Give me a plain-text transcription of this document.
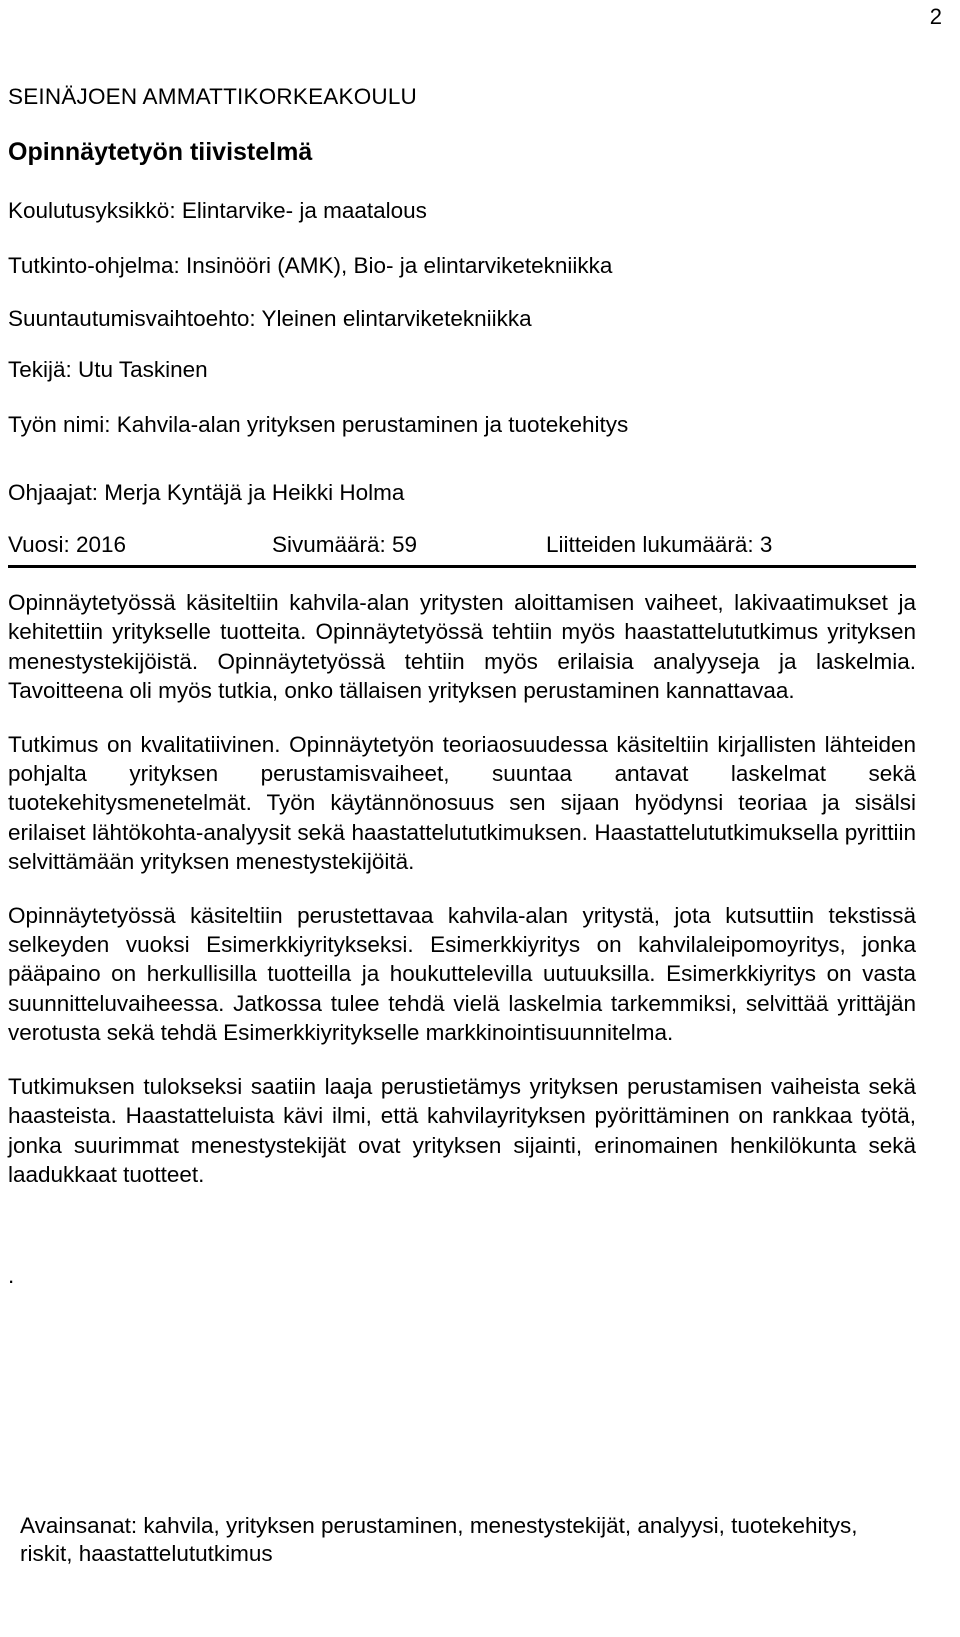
2
SEINÄJOEN AMMATTIKORKEAKOULU
Opinnäytetyön tiivistelmä
Koulutusyksikkö: Elintarvike- ja maatalous
Tutkinto-ohjelma: Insinööri (AMK), Bio- ja elintarviketekniikka
Suuntautumisvaihtoehto: Yleinen elintarviketekniikka
Tekijä: Utu Taskinen
Työn nimi: Kahvila-alan yrityksen perustaminen ja tuotekehitys
Ohjaajat: Merja Kyntäjä ja Heikki Holma
Vuosi: 2016	Sivumäärä: 59	Liitteiden lukumäärä: 3

Opinnäytetyössä käsiteltiin kahvila-alan yritysten aloittamisen vaiheet, lakivaatimukset ja kehitettiin yritykselle tuotteita. Opinnäytetyössä tehtiin myös haastattelututkimus yrityksen menestystekijöistä. Opinnäytetyössä tehtiin myös erilaisia analyyseja ja laskelmia. Tavoitteena oli myös tutkia, onko tällaisen yrityksen perustaminen kannattavaa.

Tutkimus on kvalitatiivinen. Opinnäytetyön teoriaosuudessa käsiteltiin kirjallisten lähteiden pohjalta yrityksen perustamisvaiheet, suuntaa antavat laskelmat sekä tuotekehitysmenetelmät. Työn käytännönosuus sen sijaan hyödynsi teoriaa ja sisälsi erilaiset lähtökohta-analyysit sekä haastattelututkimuksen. Haastattelututkimuksella pyrittiin selvittämään yrityksen menestystekijöitä.

Opinnäytetyössä käsiteltiin perustettavaa kahvila-alan yritystä, jota kutsuttiin tekstissä selkeyden vuoksi Esimerkkiyritykseksi. Esimerkkiyritys on kahvilaleipomoyritys, jonka pääpaino on herkullisilla tuotteilla ja houkuttelevilla uutuuksilla. Esimerkkiyritys on vasta suunnitteluvaiheessa. Jatkossa tulee tehdä vielä laskelmia tarkemmiksi, selvittää yrittäjän verotusta sekä tehdä Esimerkkiyritykselle markkinointisuunnitelma.

Tutkimuksen tulokseksi saatiin laaja perustietämys yrityksen perustamisen vaiheista sekä haasteista. Haastatteluista kävi ilmi, että kahvilayrityksen pyörittäminen on rankkaa työtä, jonka suurimmat menestystekijät ovat yrityksen sijainti, erinomainen henkilökunta sekä laadukkaat tuotteet.

.
Avainsanat: kahvila, yrityksen perustaminen, menestystekijät, analyysi, tuotekehitys, riskit, haastattelututkimus
